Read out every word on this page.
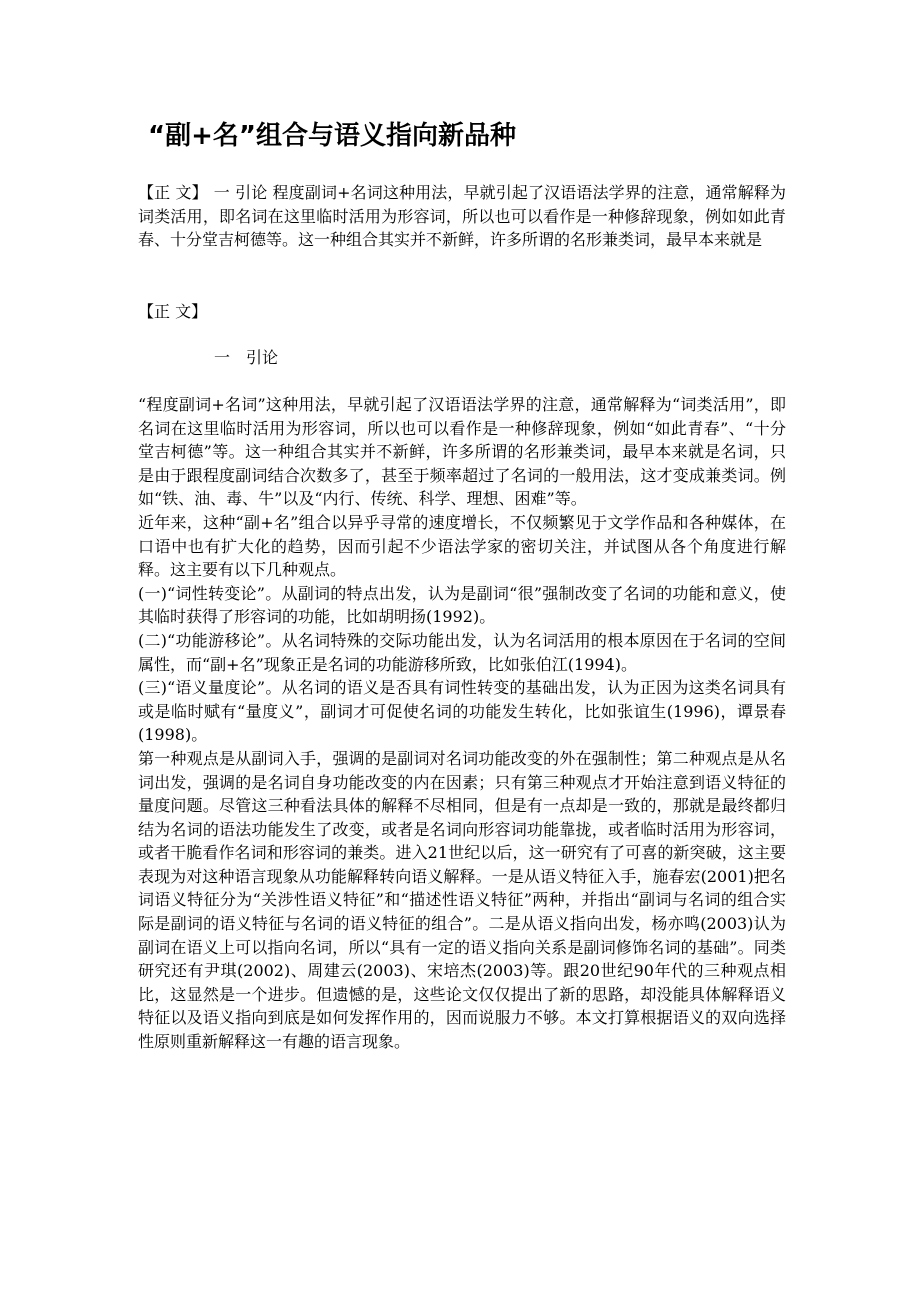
“副+名”组合与语义指向新品种

【正 文】 一 引论 程度副词+名词这种用法，早就引起了汉语语法学界的注意，通常解释为词类活用，即名词在这里临时活用为形容词，所以也可以看作是一种修辞现象，例如如此青春、十分堂吉柯德等。这一种组合其实并不新鲜，许多所谓的名形兼类词，最早本来就是

【正 文】

一　引论

“程度副词+名词”这种用法，早就引起了汉语语法学界的注意，通常解释为“词类活用”，即名词在这里临时活用为形容词，所以也可以看作是一种修辞现象，例如“如此青春”、“十分堂吉柯德”等。这一种组合其实并不新鲜，许多所谓的名形兼类词，最早本来就是名词，只是由于跟程度副词结合次数多了，甚至于频率超过了名词的一般用法，这才变成兼类词。例如“铁、油、毒、牛”以及“内行、传统、科学、理想、困难”等。

近年来，这种“副+名”组合以异乎寻常的速度增长，不仅频繁见于文学作品和各种媒体，在口语中也有扩大化的趋势，因而引起不少语法学家的密切关注，并试图从各个角度进行解释。这主要有以下几种观点。

(一)“词性转变论”。从副词的特点出发，认为是副词“很”强制改变了名词的功能和意义，使其临时获得了形容词的功能，比如胡明扬(1992)。

(二)“功能游移论”。从名词特殊的交际功能出发，认为名词活用的根本原因在于名词的空间属性，而“副+名”现象正是名词的功能游移所致，比如张伯江(1994)。

(三)“语义量度论”。从名词的语义是否具有词性转变的基础出发，认为正因为这类名词具有或是临时赋有“量度义”，副词才可促使名词的功能发生转化，比如张谊生(1996)，谭景春(1998)。

第一种观点是从副词入手，强调的是副词对名词功能改变的外在强制性；第二种观点是从名词出发，强调的是名词自身功能改变的内在因素；只有第三种观点才开始注意到语义特征的量度问题。尽管这三种看法具体的解释不尽相同，但是有一点却是一致的，那就是最终都归结为名词的语法功能发生了改变，或者是名词向形容词功能靠拢，或者临时活用为形容词，或者干脆看作名词和形容词的兼类。进入21世纪以后，这一研究有了可喜的新突破，这主要表现为对这种语言现象从功能解释转向语义解释。一是从语义特征入手，施春宏(2001)把名词语义特征分为“关涉性语义特征”和“描述性语义特征”两种，并指出“副词与名词的组合实际是副词的语义特征与名词的语义特征的组合”。二是从语义指向出发，杨亦鸣(2003)认为副词在语义上可以指向名词，所以“具有一定的语义指向关系是副词修饰名词的基础”。同类研究还有尹琪(2002)、周建云(2003)、宋培杰(2003)等。跟20世纪90年代的三种观点相比，这显然是一个进步。但遗憾的是，这些论文仅仅提出了新的思路，却没能具体解释语义特征以及语义指向到底是如何发挥作用的，因而说服力不够。本文打算根据语义的双向选择性原则重新解释这一有趣的语言现象。
